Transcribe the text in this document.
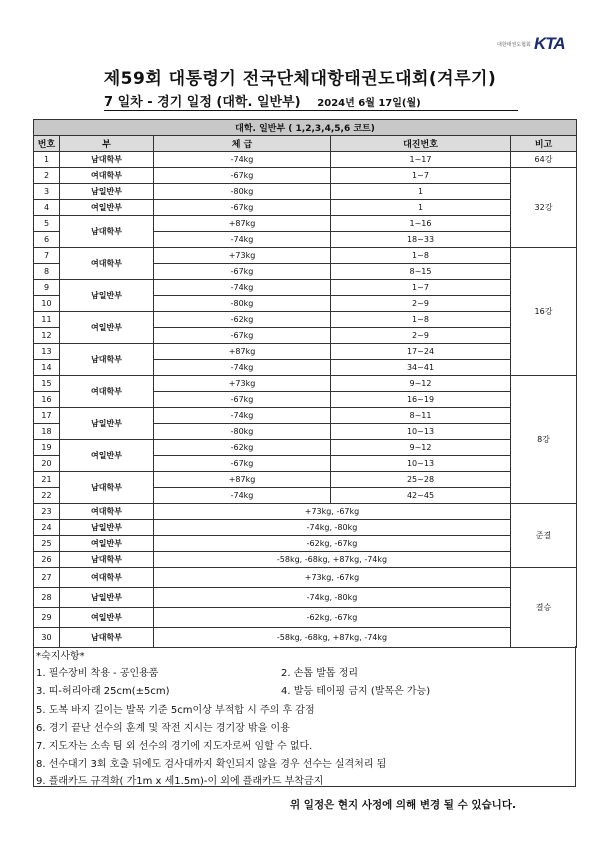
대한태권도협회 KTA
제59회 대통령기 전국단체대항태권도대회(겨루기)
7 일차 - 경기 일정 (대학. 일반부) 2024년 6월 17일(월)
대학. 일반부 ( 1,2,3,4,5,6 코트)				
번호	부	체 급	대진번호	비고
1	남대학부	-74kg	1~17	64강
2	여대학부	-67kg	1~7	32강
3	남일반부	-80kg	1	
4	여일반부	-67kg	1	
5	남대학부	+87kg	1~16	
6		-74kg	18~33	
7	여대학부	+73kg	1~8	16강
8		-67kg	8~15	
9	남일반부	-74kg	1~7	
10		-80kg	2~9	
11	여일반부	-62kg	1~8	
12		-67kg	2~9	
13	남대학부	+87kg	17~24	
14		-74kg	34~41	
15	여대학부	+73kg	9~12	8강
16		-67kg	16~19	
17	남일반부	-74kg	8~11	
18		-80kg	10~13	
19	여일반부	-62kg	9~12	
20		-67kg	10~13	
21	남대학부	+87kg	25~28	
22		-74kg	42~45	
23	여대학부	+73kg, -67kg		준결
24	남일반부	-74kg, -80kg		
25	여일반부	-62kg, -67kg		
26	남대학부	-58kg, -68kg, +87kg, -74kg		
27	여대학부	+73kg, -67kg		결승
28	남일반부	-74kg, -80kg		
29	여일반부	-62kg, -67kg		
30	남대학부	-58kg, -68kg, +87kg, -74kg		
*숙지사항*
1. 필수장비 착용 - 공인용품	2. 손톱 발톱 정리
3. 띠-허리아래 25cm(±5cm)	4. 발등 테이핑 금지 (발목은 가능)
5. 도복 바지 길이는 발목 기준 5cm이상 부적합 시 주의 후 감점
6. 경기 끝난 선수의 훈계 및 작전 지시는 경기장 밖을 이용
7. 지도자는 소속 팀 외 선수의 경기에 지도자로써 임할 수 없다.
8. 선수대기 3회 호출 뒤에도 검사대까지 확인되지 않을 경우 선수는 실격처리 됨
9. 플래카드 규격화( 가1m x 세1.5m)-이 외에 플래카드 부착금지
위 일정은 현지 사정에 의해 변경 될 수 있습니다.
